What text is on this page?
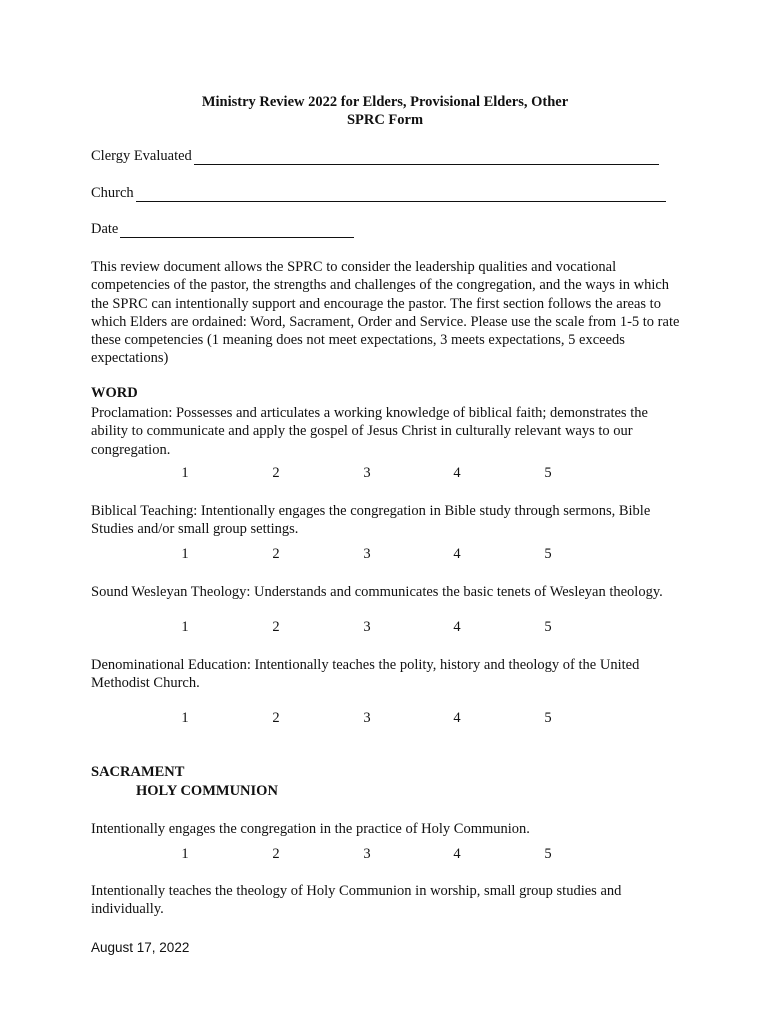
Ministry Review 2022 for Elders, Provisional Elders, Other
SPRC Form
Clergy Evaluated
Church
Date
This review document allows the SPRC to consider the leadership qualities and vocational competencies of the pastor, the strengths and challenges of the congregation, and the ways in which the SPRC can intentionally support and encourage the pastor. The first section follows the areas to which Elders are ordained: Word, Sacrament, Order and Service. Please use the scale from 1-5 to rate these competencies (1 meaning does not meet expectations, 3 meets expectations, 5 exceeds expectations)
WORD
Proclamation: Possesses and articulates a working knowledge of biblical faith; demonstrates the ability to communicate and apply the gospel of Jesus Christ in culturally relevant ways to our congregation.
1	2	3	4	5
Biblical Teaching: Intentionally engages the congregation in Bible study through sermons, Bible Studies and/or small group settings.
1	2	3	4	5
Sound Wesleyan Theology: Understands and communicates the basic tenets of Wesleyan theology.
1	2	3	4	5
Denominational Education: Intentionally teaches the polity, history and theology of the United Methodist Church.
1	2	3	4	5
SACRAMENT
HOLY COMMUNION
Intentionally engages the congregation in the practice of Holy Communion.
1	2	3	4	5
Intentionally teaches the theology of Holy Communion in worship, small group studies and individually.
August 17, 2022
